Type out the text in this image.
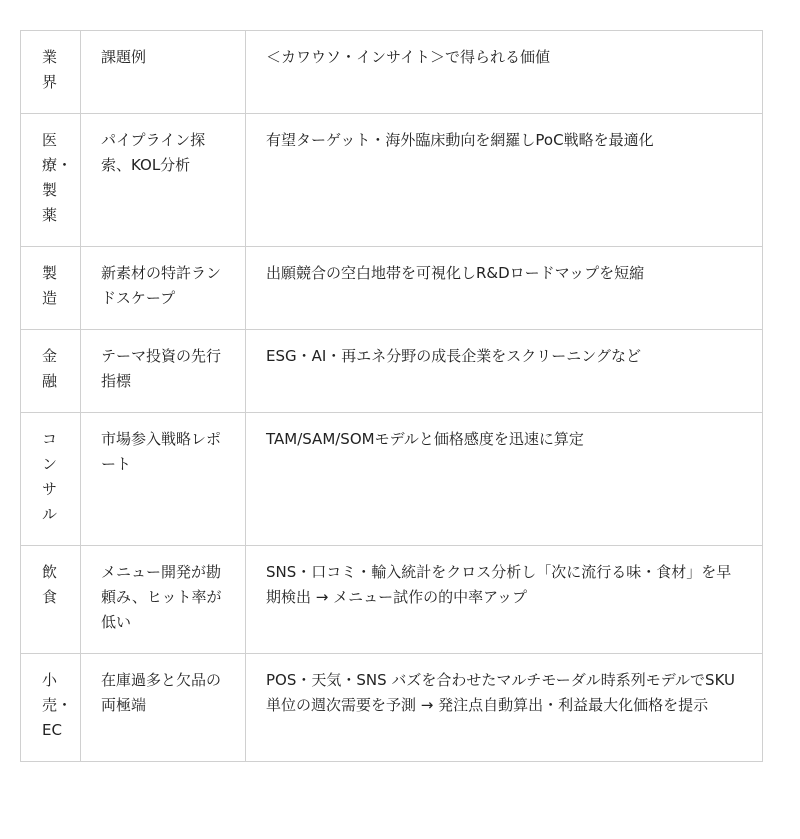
業界	課題例	＜カワウソ・インサイト＞で得られる価値
医療・製薬	パイプライン探索、KOL分析	有望ターゲット・海外臨床動向を網羅しPoC戦略を最適化
製造	新素材の特許ランドスケープ	出願競合の空白地帯を可視化しR&Dロードマップを短縮
金融	テーマ投資の先行指標	ESG・AI・再エネ分野の成長企業をスクリーニングなど
コンサル	市場参入戦略レポート	TAM/SAM/SOMモデルと価格感度を迅速に算定
飲食	メニュー開発が勘頼み、ヒット率が低い	SNS・口コミ・輸入統計をクロス分析し「次に流行る味・食材」を早期検出 → メニュー試作の的中率アップ
小売・EC	在庫過多と欠品の両極端	POS・天気・SNS バズを合わせたマルチモーダル時系列モデルでSKU 単位の週次需要を予測 → 発注点自動算出・利益最大化価格を提示
